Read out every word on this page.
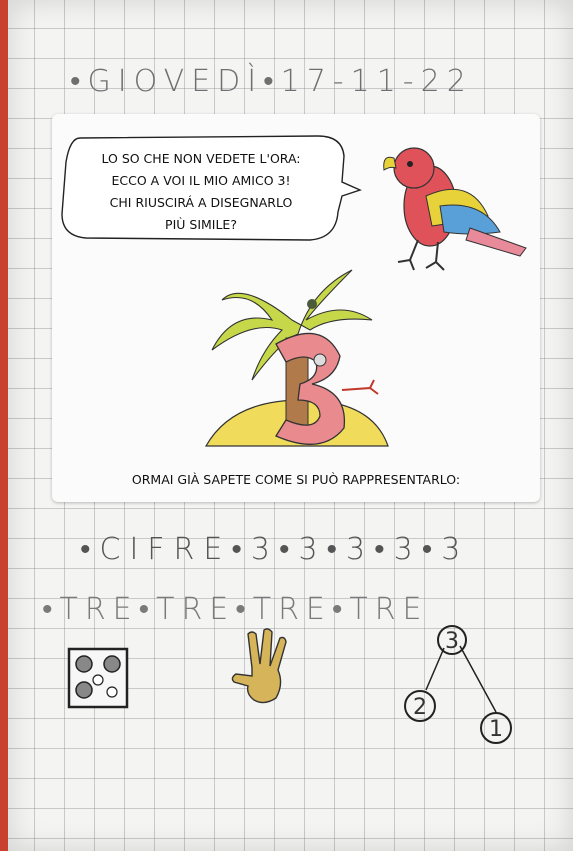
•GIOVEDÌ•17-11-22
LO SO CHE NON VEDETE L'ORA:
ECCO A VOI IL MIO AMICO 3!
CHI RIUSCIRÁ A DISEGNARLO
PIÙ SIMILE?
ORMAI GIÀ SAPETE COME SI PUÒ RAPPRESENTARLO:
•CIFRE•3•3•3•3•3
•TRE•TRE•TRE•TRE
3
2
1
